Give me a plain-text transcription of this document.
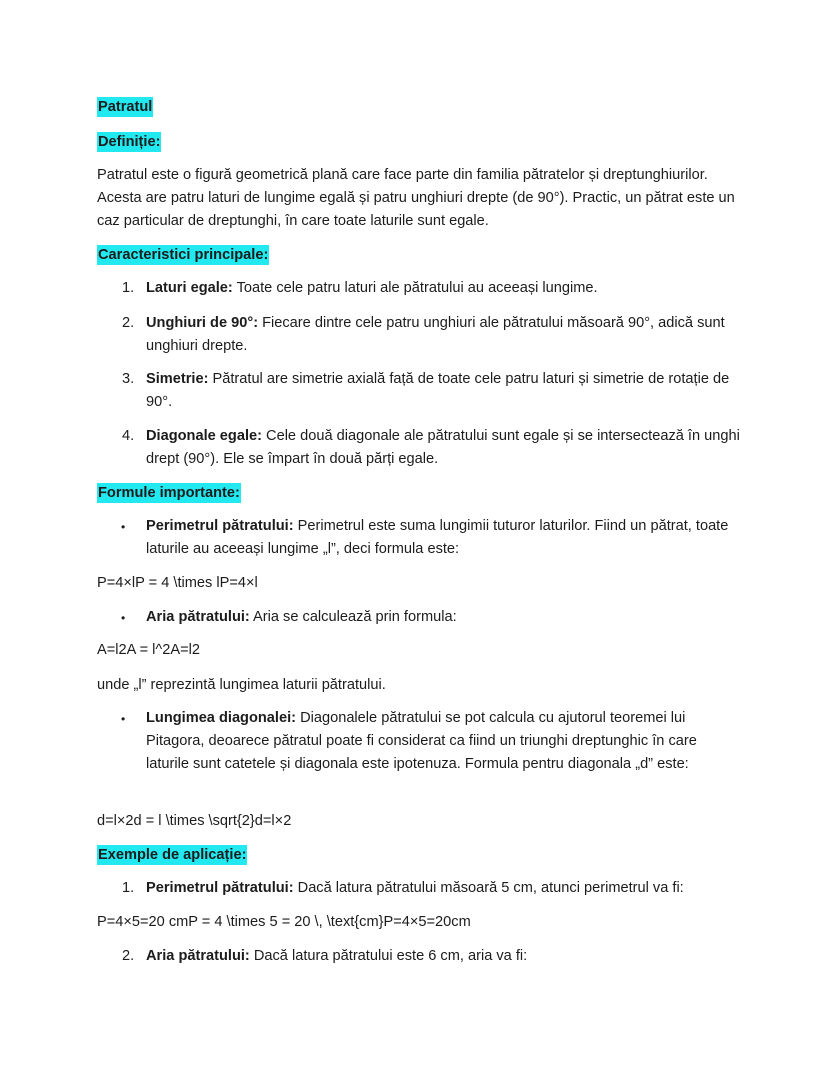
Patratul
Definiție:
Patratul este o figură geometrică plană care face parte din familia pătratelor și dreptunghiurilor. Acesta are patru laturi de lungime egală și patru unghiuri drepte (de 90°). Practic, un pătrat este un caz particular de dreptunghi, în care toate laturile sunt egale.
Caracteristici principale:
1. Laturi egale: Toate cele patru laturi ale pătratului au aceeași lungime.
2. Unghiuri de 90°: Fiecare dintre cele patru unghiuri ale pătratului măsoară 90°, adică sunt unghiuri drepte.
3. Simetrie: Pătratul are simetrie axială față de toate cele patru laturi și simetrie de rotație de 90°.
4. Diagonale egale: Cele două diagonale ale pătratului sunt egale și se intersectează în unghi drept (90°). Ele se împart în două părți egale.
Formule importante:
• Perimetrul pătratului: Perimetrul este suma lungimii tuturor laturilor. Fiind un pătrat, toate laturile au aceeași lungime „l”, deci formula este:
P=4×lP = 4 \times lP=4×l
• Aria pătratului: Aria se calculează prin formula:
A=l2A = l^2A=l2
unde „l” reprezintă lungimea laturii pătratului.
• Lungimea diagonalei: Diagonalele pătratului se pot calcula cu ajutorul teoremei lui Pitagora, deoarece pătratul poate fi considerat ca fiind un triunghi dreptunghic în care laturile sunt catetele și diagonala este ipotenuza. Formula pentru diagonala „d” este:
d=l×2d = l \times \sqrt{2}d=l×2
Exemple de aplicație:
1. Perimetrul pătratului: Dacă latura pătratului măsoară 5 cm, atunci perimetrul va fi:
P=4×5=20 cmP = 4 \times 5 = 20 \, \text{cm}P=4×5=20cm
2. Aria pătratului: Dacă latura pătratului este 6 cm, aria va fi:
